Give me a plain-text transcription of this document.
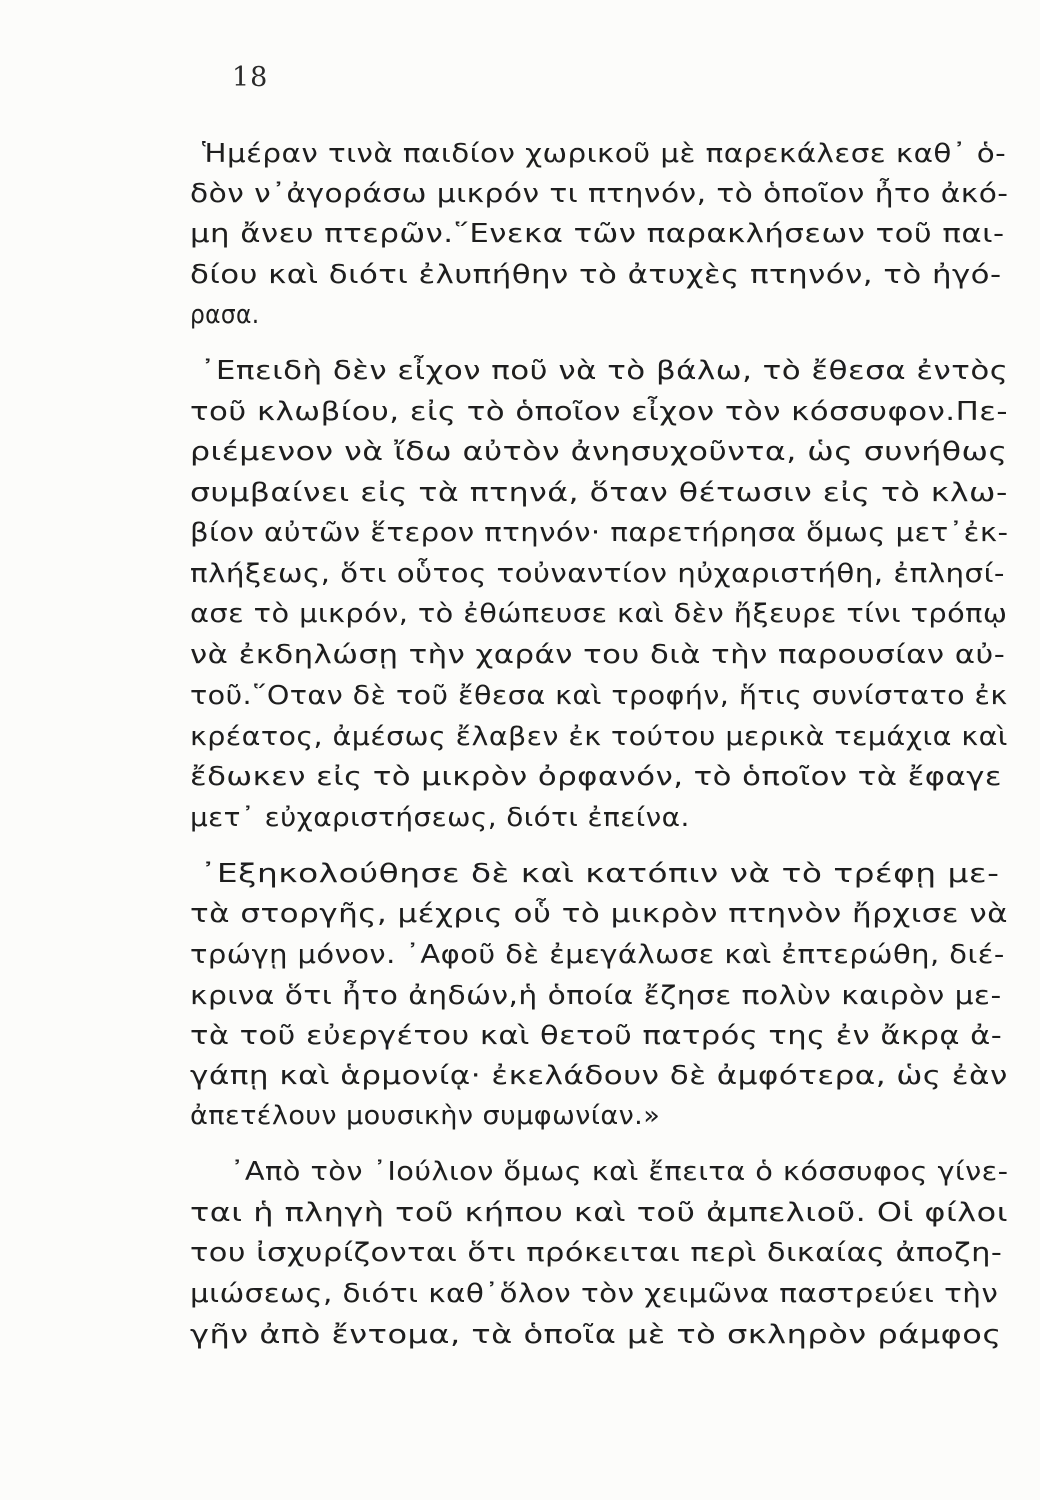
18
Ἡμέραν τινὰ παιδίον χωρικοῦ μὲ παρεκάλεσε καθ᾽ ὁ-
δὸν ν᾽ἀγοράσω μικρόν τι πτηνόν, τὸ ὁποῖον ἦτο ἀκό-
μη ἄνευ πτερῶν.῞Ενεκα τῶν παρακλήσεων τοῦ παι-
δίου καὶ διότι ἐλυπήθην τὸ ἀτυχὲς πτηνόν, τὸ ἠγό-
ρασα.
᾽Επειδὴ δὲν εἶχον ποῦ νὰ τὸ βάλω, τὸ ἔθεσα ἐντὸς
τοῦ κλωβίου, εἰς τὸ ὁποῖον εἶχον τὸν κόσσυφον.Πε-
ριέμενον νὰ ἴδω αὐτὸν ἀνησυχοῦντα, ὡς συνήθως
συμβαίνει εἰς τὰ πτηνά, ὅταν θέτωσιν εἰς τὸ κλω-
βίον αὐτῶν ἕτερον πτηνόν· παρετήρησα ὅμως μετ᾽ἐκ-
πλήξεως, ὅτι οὗτος τοὐναντίον ηὐχαριστήθη, ἐπλησί-
ασε τὸ μικρόν, τὸ ἐθώπευσε καὶ δὲν ἤξευρε τίνι τρόπῳ
νὰ ἐκδηλώσῃ τὴν χαράν του διὰ τὴν παρουσίαν αὐ-
τοῦ.῞Οταν δὲ τοῦ ἔθεσα καὶ τροφήν, ἥτις συνίστατο ἐκ
κρέατος, ἀμέσως ἔλαβεν ἐκ τούτου μερικὰ τεμάχια καὶ
ἔδωκεν εἰς τὸ μικρὸν ὀρφανόν, τὸ ὁποῖον τὰ ἔφαγε
μετ᾽ εὐχαριστήσεως, διότι ἐπείνα.
᾽Εξηκολούθησε δὲ καὶ κατόπιν νὰ τὸ τρέφῃ με-
τὰ στοργῆς, μέχρις οὗ τὸ μικρὸν πτηνὸν ἤρχισε νὰ
τρώγῃ μόνον. ᾽Αφοῦ δὲ ἐμεγάλωσε καὶ ἐπτερώθη, διέ-
κρινα ὅτι ἦτο ἀηδών,ἡ ὁποία ἔζησε πολὺν καιρὸν με-
τὰ τοῦ εὐεργέτου καὶ θετοῦ πατρός της ἐν ἄκρᾳ ἀ-
γάπῃ καὶ ἁρμονίᾳ· ἐκελάδουν δὲ ἀμφότερα, ὡς ἐὰν
ἀπετέλουν μουσικὴν συμφωνίαν.»
᾽Απὸ τὸν ᾽Ιούλιον ὅμως καὶ ἔπειτα ὁ κόσσυφος γίνε-
ται ἡ πληγὴ τοῦ κήπου καὶ τοῦ ἀμπελιοῦ. Οἱ φίλοι
του ἰσχυρίζονται ὅτι πρόκειται περὶ δικαίας ἀποζη-
μιώσεως, διότι καθ᾽ὅλον τὸν χειμῶνα παστρεύει τὴν
γῆν ἀπὸ ἔντομα, τὰ ὁποῖα μὲ τὸ σκληρὸν ράμφος
